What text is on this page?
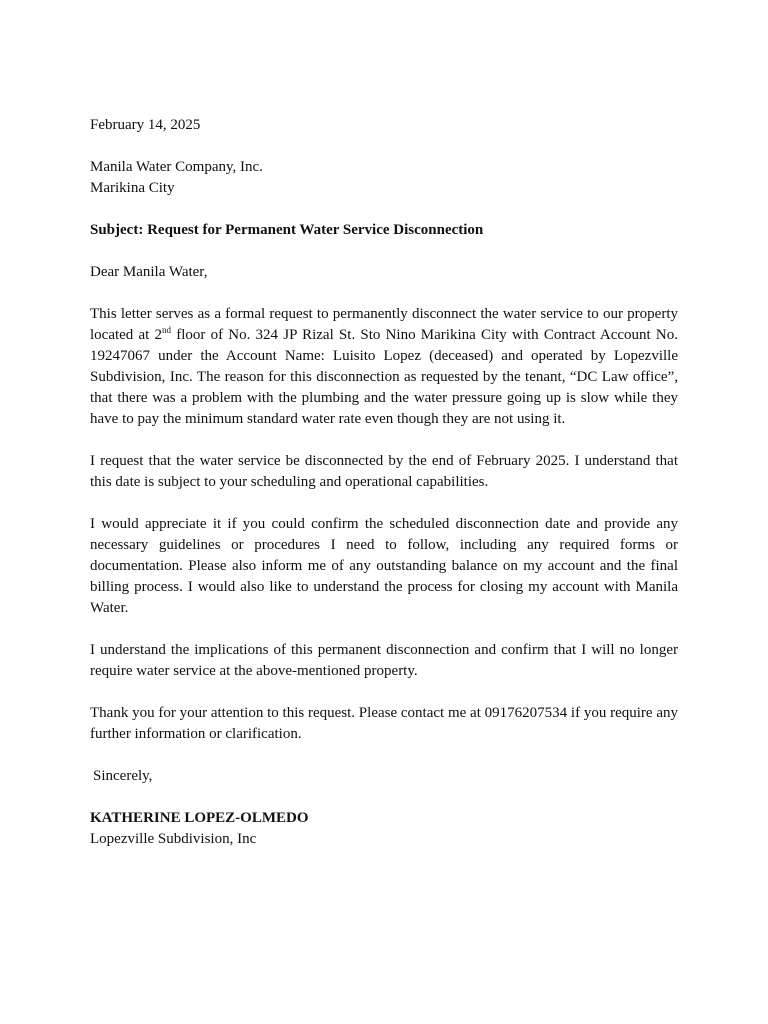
February 14, 2025
Manila Water Company, Inc.
Marikina City
Subject: Request for Permanent Water Service Disconnection
Dear Manila Water,

This letter serves as a formal request to permanently disconnect the water service to our property located at 2nd floor of No. 324 JP Rizal St. Sto Nino Marikina City with Contract Account No. 19247067 under the Account Name: Luisito Lopez (deceased) and operated by Lopezville Subdivision, Inc. The reason for this disconnection as requested by the tenant, “DC Law office”, that there was a problem with the plumbing and the water pressure going up is slow while they have to pay the minimum standard water rate even though they are not using it.

I request that the water service be disconnected by the end of February 2025. I understand that this date is subject to your scheduling and operational capabilities.

I would appreciate it if you could confirm the scheduled disconnection date and provide any necessary guidelines or procedures I need to follow, including any required forms or documentation. Please also inform me of any outstanding balance on my account and the final billing process. I would also like to understand the process for closing my account with Manila Water.

I understand the implications of this permanent disconnection and confirm that I will no longer require water service at the above-mentioned property.

Thank you for your attention to this request. Please contact me at 09176207534 if you require any further information or clarification.

Sincerely,
KATHERINE LOPEZ-OLMEDO
Lopezville Subdivision, Inc
